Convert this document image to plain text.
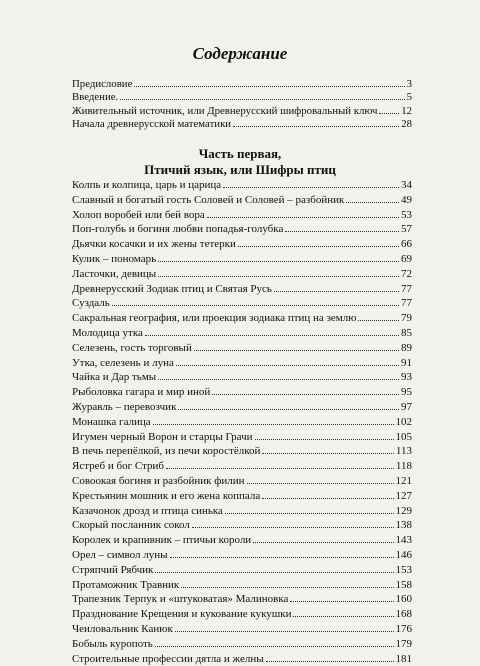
Содержание
Предисловие	3
Введение.	5
Живительный источник, или Древнерусский шифровальный ключ 12
Начала древнерусской математики	28
Часть первая,
Птичий язык, или Шифры птиц
Колпь и колпица, царь и царица	34
Славный и богатый гость Соловей и Соловей – разбойник	49
Холоп воробей или бей вора	53
Поп-голубь и богиня любви попадья-голубка	57
Дьячки косачки и их жены тетерки	66
Кулик – пономарь	69
Ласточки, девицы	72
Древнерусский Зодиак птиц и Святая Русь	77
Суздаль	77
Сакральная география, или проекция зодиака птиц на землю	79
Молодица утка	85
Селезень, гость торговый	89
Утка, селезень и луна	91
Чайка и Дар тьмы	93
Рыболовка гагара и мир иной	95
Журавль – перевозчик	97
Монашка галица	102
Игумен черный Ворон и старцы Грачи	105
В печь перепёлкой, из печи коростёлкой	113
Ястреб и бог Стриб	118
Совоокая богиня и разбойник филин	121
Крестьянин мошник и его жена коппала	127
Казачонок дрозд и птица синька	129
Скорый посланник сокол	138
Королек и крапивник – птичьи короли	143
Орел – символ луны	146
Стряпчий Рябчик	153
Протаможник Травник	158
Трапезник Терпук и «штуковатая» Малиновка	160
Празднование Крещения и кукование кукушки	168
Чеиловальник Канюк	176
Бобыль куропоть	179
Строительные профессии дятла и желны	181
